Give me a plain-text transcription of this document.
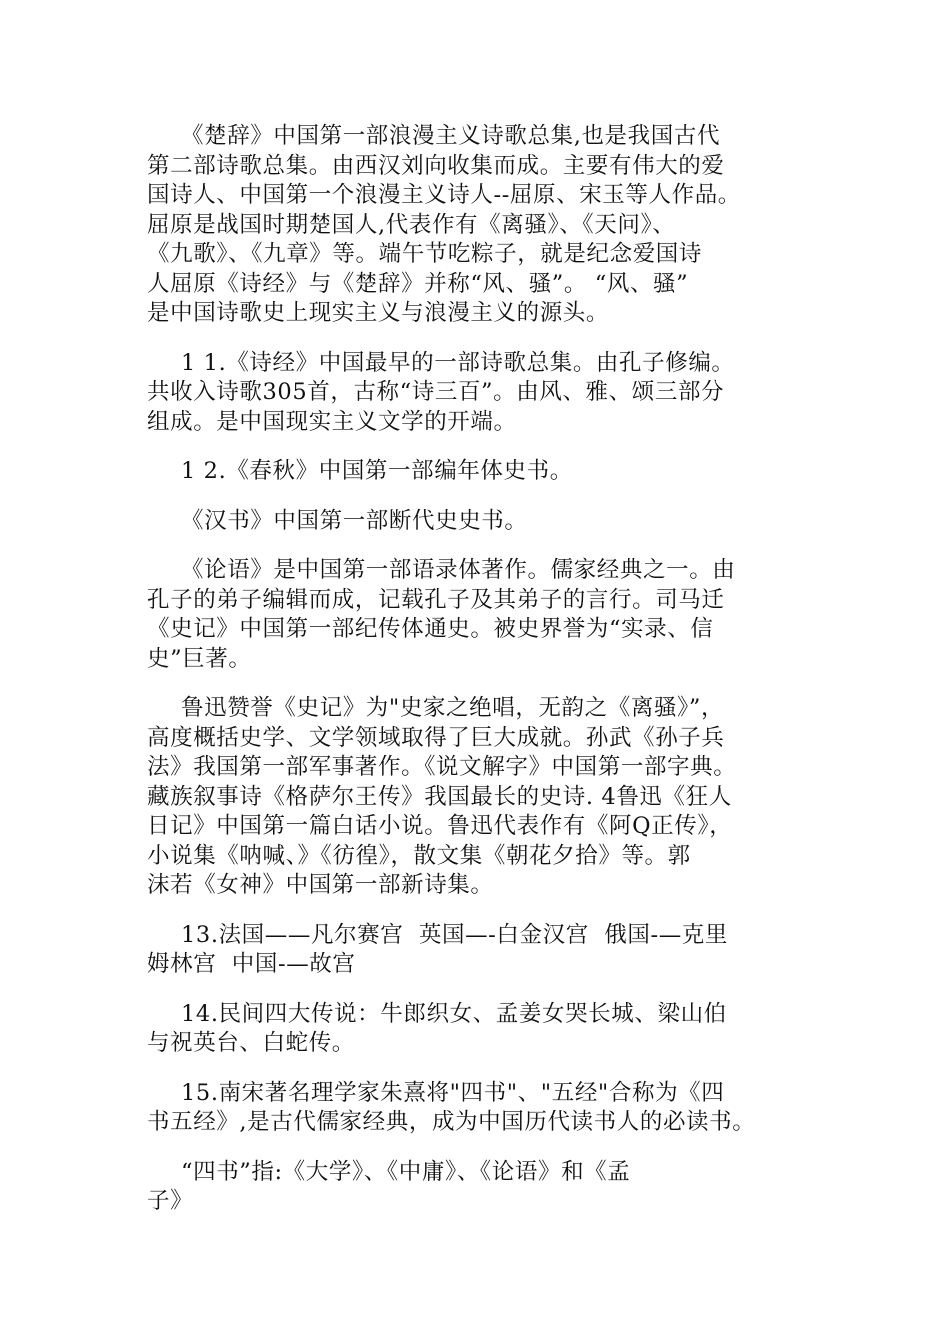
《楚辞》中国第一部浪漫主义诗歌总集,也是我国古代
第二部诗歌总集。由西汉刘向收集而成。主要有伟大的爱
国诗人、中国第一个浪漫主义诗人--屈原、宋玉等人作品。
屈原是战国时期楚国人,代表作有《离骚》、《天问》、
《九歌》、《九章》等。端午节吃粽子，就是纪念爱国诗
人屈原《诗经》与《楚辞》并称“风、骚”。 “风、骚”
是中国诗歌史上现实主义与浪漫主义的源头。
1 1.《诗经》中国最早的一部诗歌总集。由孔子修编。
共收入诗歌305首，古称“诗三百”。由风、雅、颂三部分
组成。是中国现实主义文学的开端。
1 2.《春秋》中国第一部编年体史书。
《汉书》中国第一部断代史史书。
《论语》是中国第一部语录体著作。儒家经典之一。由
孔子的弟子编辑而成，记载孔子及其弟子的言行。司马迁
《史记》中国第一部纪传体通史。被史界誉为“实录、信
史”巨著。
鲁迅赞誉《史记》为"史家之绝唱，无韵之《离骚》”，
高度概括史学、文学领域取得了巨大成就。孙武《孙子兵
法》我国第一部军事著作。《说文解字》中国第一部字典。
藏族叙事诗《格萨尔王传》我国最长的史诗. 4鲁迅《狂人
日记》中国第一篇白话小说。鲁迅代表作有《阿Q正传》，
小说集《呐喊、》《彷徨》，散文集《朝花夕拾》等。郭
沫若《女神》中国第一部新诗集。
13.法国——凡尔赛宫  英国—-白金汉宫  俄国-—克里
姆林宫  中国-—故宫
14.民间四大传说：牛郎织女、孟姜女哭长城、梁山伯
与祝英台、白蛇传。
15.南宋著名理学家朱熹将"四书"、"五经"合称为《四
书五经》,是古代儒家经典，成为中国历代读书人的必读书。
“四书”指:《大学》、《中庸》、《论语》和《孟
子》
